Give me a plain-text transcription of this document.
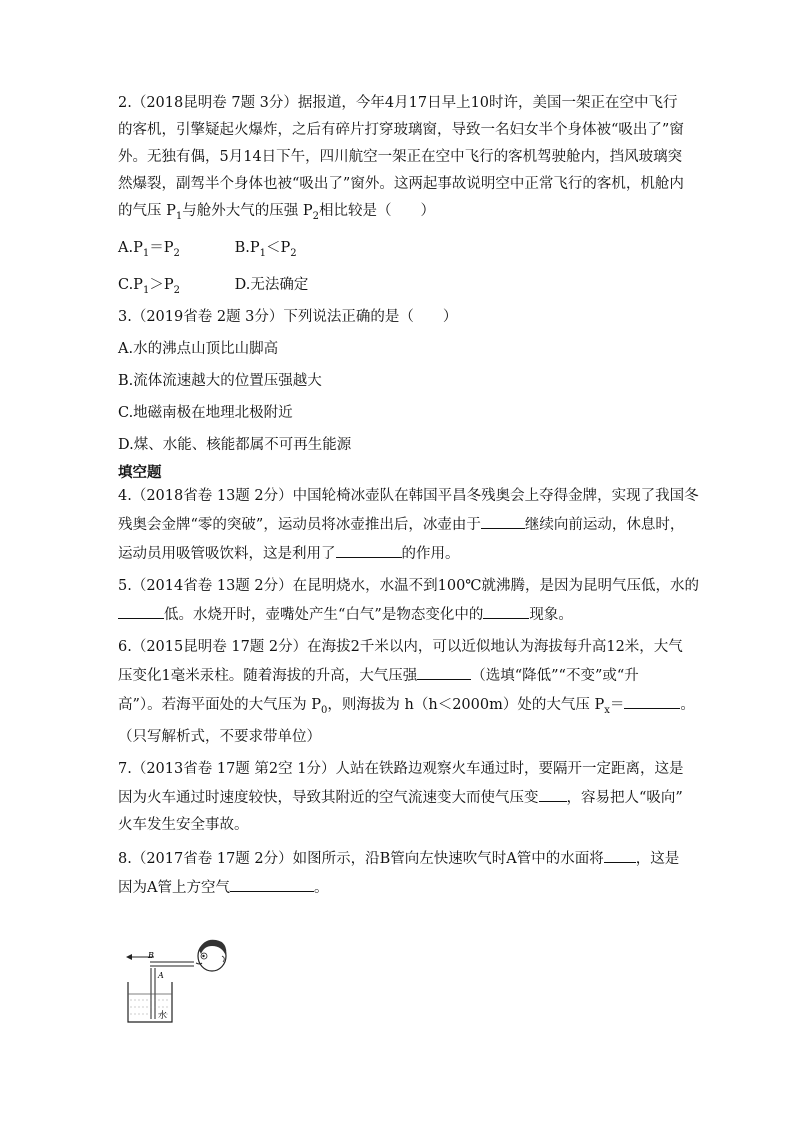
2.（2018昆明卷 7题 3分）据报道，今年4月17日早上10时许，美国一架正在空中飞行
的客机，引擎疑起火爆炸，之后有碎片打穿玻璃窗，导致一名妇女半个身体被“吸出了”窗
外。无独有偶，5月14日下午，四川航空一架正在空中飞行的客机驾驶舱内，挡风玻璃突
然爆裂，副驾半个身体也被“吸出了”窗外。这两起事故说明空中正常飞行的客机，机舱内
的气压 $P_1$与舱外大气的压强 $P_2$相比较是（　　）
$A.P_1=P_2$	$B.P_1<P_2$
$C.P_1>P_2$	D.无法确定
3.（2019省卷 2题 3分）下列说法正确的是（　　）
A.水的沸点山顶比山脚高
B.流体流速越大的位置压强越大
C.地磁南极在地理北极附近
D.煤、水能、核能都属不可再生能源
填空题
4.（2018省卷 13题 2分）中国轮椅冰壶队在韩国平昌冬残奥会上夺得金牌，实现了我国冬
残奥会金牌“零的突破”，运动员将冰壶推出后，冰壶由于	继续向前运动，休息时，
运动员用吸管吸饮料，这是利用了	的作用。
5.（2014省卷 13题 2分）在昆明烧水，水温不到100℃就沸腾，是因为昆明气压低，水的
低。水烧开时，壶嘴处产生“白气”是物态变化中的	现象。
6.（2015昆明卷 17题 2分）在海拔2千米以内，可以近似地认为海拔每升高12米，大气
压变化1毫米汞柱。随着海拔的升高，大气压强	（选填“降低”“不变”或“升
高”）。若海平面处的大气压为 $P_0$，则海拔为 h（h＜2000m）处的大气压 $P_x=$	。
（只写解析式，不要求带单位）
7.（2013省卷 17题 第2空 1分）人站在铁路边观察火车通过时，要隔开一定距离，这是
因为火车通过时速度较快，导致其附近的空气流速变大而使气压变 ，容易把人“吸向”
火车发生安全事故。
8.（2017省卷 17题 2分）如图所示，沿B管向左快速吹气时A管中的水面将 ，这是
因为A管上方空气	。
B
A
水
